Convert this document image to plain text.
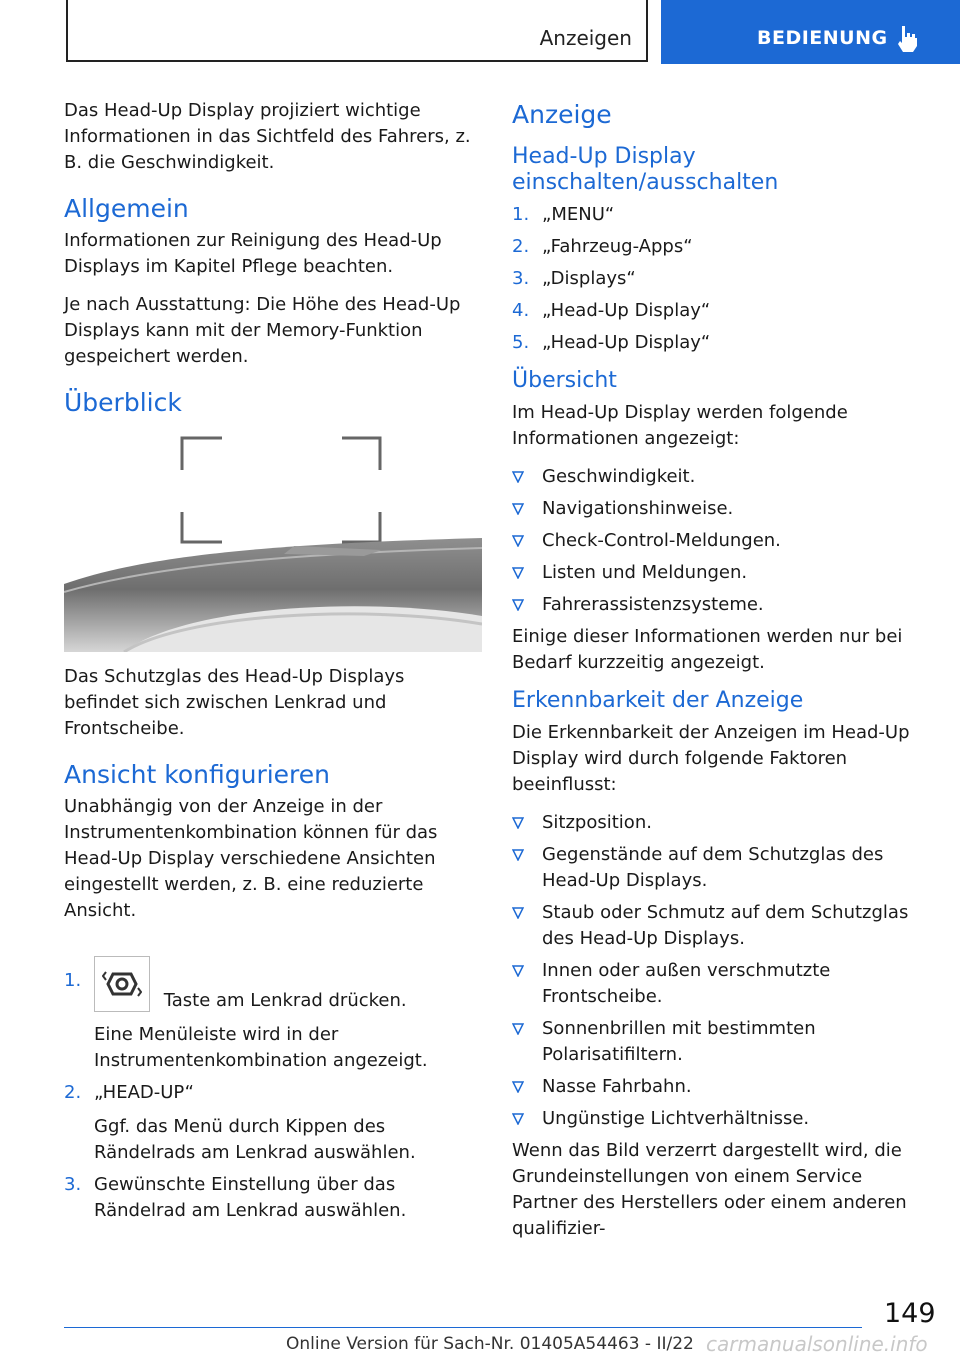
Anzeigen	BEDIENUNG

Das Head-Up Display projiziert wichtige Informationen in das Sichtfeld des Fahrers, z. B. die Geschwindigkeit.

Allgemein

Informationen zur Reinigung des Head-Up Displays im Kapitel Pflege beachten.

Je nach Ausstattung: Die Höhe des Head-Up Displays kann mit der Memory-Funktion gespeichert werden.

Überblick

Das Schutzglas des Head-Up Displays befindet sich zwischen Lenkrad und Frontscheibe.

Ansicht konfigurieren

Unabhängig von der Anzeige in der Instrumentenkombination können für das Head-Up Display verschiedene Ansichten eingestellt werden, z. B. eine reduzierte Ansicht.

1.
Taste am Lenkrad drücken.
Eine Menüleiste wird in der Instrumentenkombination angezeigt.
2. „HEAD-UP“
Ggf. das Menü durch Kippen des Rändelrads am Lenkrad auswählen.
3. Gewünschte Einstellung über das Rändelrad am Lenkrad auswählen.
Anzeige
Head-Up Display einschalten/ausschalten
1. „MENU“
2. „Fahrzeug-Apps“
3. „Displays“
4. „Head-Up Display“
5. „Head-Up Display“
Übersicht

Im Head-Up Display werden folgende Informationen angezeigt:

Geschwindigkeit.
Navigationshinweise.
Check-Control-Meldungen.
Listen und Meldungen.
Fahrerassistenzsysteme.

Einige dieser Informationen werden nur bei Bedarf kurzzeitig angezeigt.

Erkennbarkeit der Anzeige

Die Erkennbarkeit der Anzeigen im Head-Up Display wird durch folgende Faktoren beeinflusst:

Sitzposition.
Gegenstände auf dem Schutzglas des Head-Up Displays.
Staub oder Schmutz auf dem Schutzglas des Head-Up Displays.
Innen oder außen verschmutzte Frontscheibe.
Sonnenbrillen mit bestimmten Polarisatifiltern.
Nasse Fahrbahn.
Ungünstige Lichtverhältnisse.

Wenn das Bild verzerrt dargestellt wird, die Grundeinstellungen von einem Service Partner des Herstellers oder einem anderen qualifizier-

149
Online Version für Sach-Nr. 01405A54463 - II/22 carmanualsonline.info
